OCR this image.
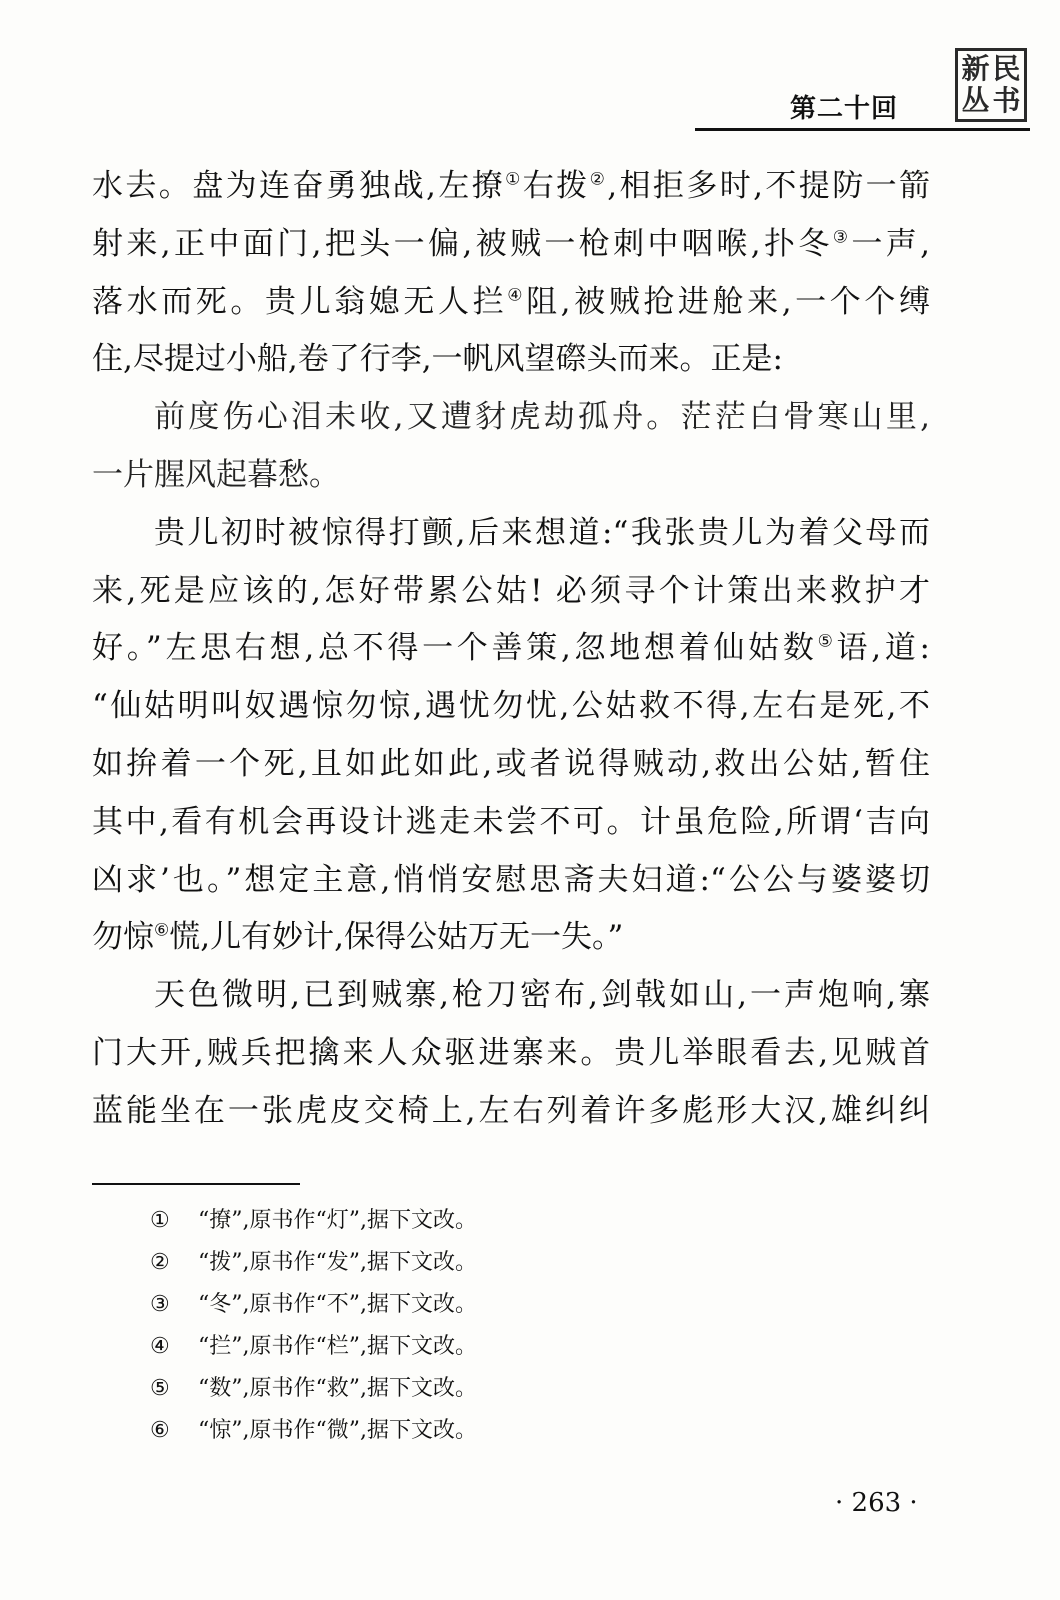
新 民
丛 书
第二十回
水去。盘为连奋勇独战,左撩①右拨②,相拒多时,不提防一箭
射来,正中面门,把头一偏,被贼一枪刺中咽喉,扑冬③一声,
落水而死。贵儿翁媳无人拦④阻,被贼抢进舱来,一个个缚
住,尽提过小船,卷了行李,一帆风望磜头而来。正是:
前度伤心泪未收,又遭豺虎劫孤舟。茫茫白骨寒山里,
一片腥风起暮愁。
贵儿初时被惊得打颤,后来想道:“我张贵儿为着父母而
来,死是应该的,怎好带累公姑! 必须寻个计策出来救护才
好。”左思右想,总不得一个善策,忽地想着仙姑数⑤语,道:
“仙姑明叫奴遇惊勿惊,遇忧勿忧,公姑救不得,左右是死,不
如拚着一个死,且如此如此,或者说得贼动,救出公姑,暂住
其中,看有机会再设计逃走未尝不可。计虽危险,所谓‘吉向
凶求’也。”想定主意,悄悄安慰思斋夫妇道:“公公与婆婆切
勿惊⑥慌,儿有妙计,保得公姑万无一失。”
天色微明,已到贼寨,枪刀密布,剑戟如山,一声炮响,寨
门大开,贼兵把擒来人众驱进寨来。贵儿举眼看去,见贼首
蓝能坐在一张虎皮交椅上,左右列着许多彪形大汉,雄纠纠
①	“撩”,原书作“灯”,据下文改。
②	“拨”,原书作“发”,据下文改。
③	“冬”,原书作“不”,据下文改。
④	“拦”,原书作“栏”,据下文改。
⑤	“数”,原书作“救”,据下文改。
⑥	“惊”,原书作“微”,据下文改。
· 263 ·
